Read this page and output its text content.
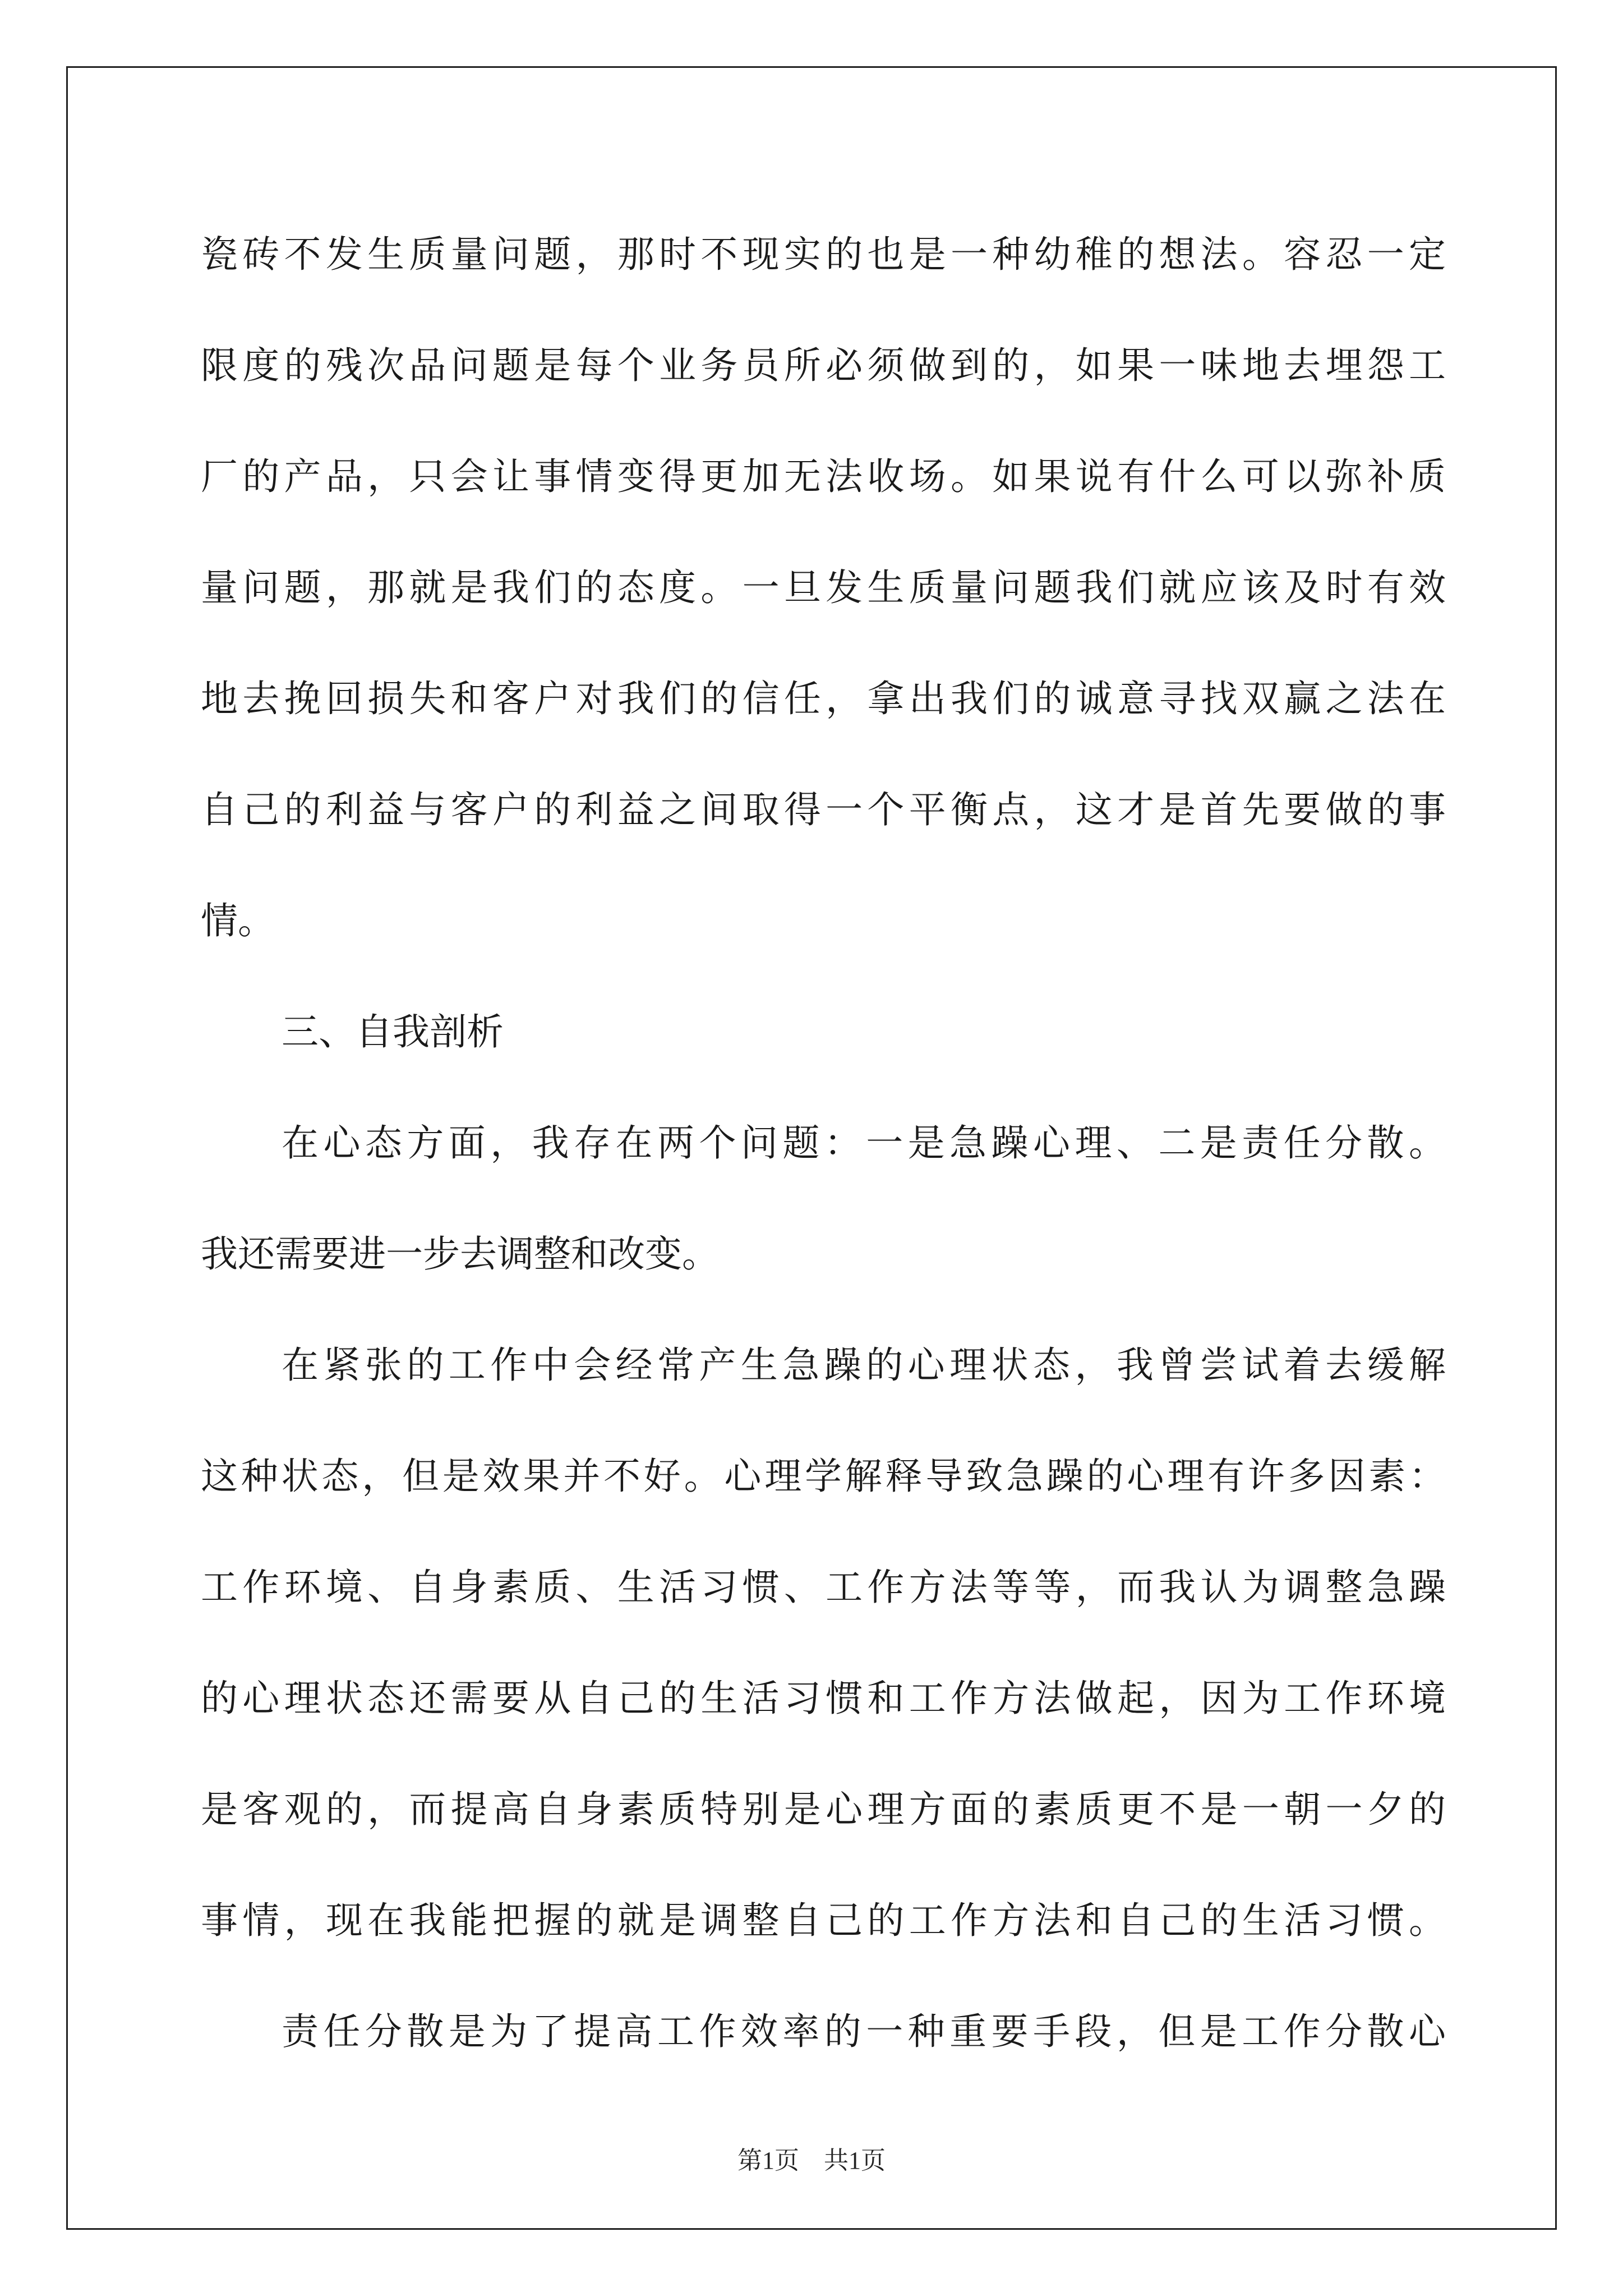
瓷砖不发生质量问题，那时不现实的也是一种幼稚的想法。容忍一定
限度的残次品问题是每个业务员所必须做到的，如果一味地去埋怨工
厂的产品，只会让事情变得更加无法收场。如果说有什么可以弥补质
量问题，那就是我们的态度。一旦发生质量问题我们就应该及时有效
地去挽回损失和客户对我们的信任，拿出我们的诚意寻找双赢之法在
自己的利益与客户的利益之间取得一个平衡点，这才是首先要做的事
情。
三、自我剖析
在心态方面，我存在两个问题：一是急躁心理、二是责任分散。
我还需要进一步去调整和改变。
在紧张的工作中会经常产生急躁的心理状态，我曾尝试着去缓解
这种状态，但是效果并不好。心理学解释导致急躁的心理有许多因素：
工作环境、自身素质、生活习惯、工作方法等等，而我认为调整急躁
的心理状态还需要从自己的生活习惯和工作方法做起，因为工作环境
是客观的，而提高自身素质特别是心理方面的素质更不是一朝一夕的
事情，现在我能把握的就是调整自己的工作方法和自己的生活习惯。
责任分散是为了提高工作效率的一种重要手段，但是工作分散心
第1页　共1页
